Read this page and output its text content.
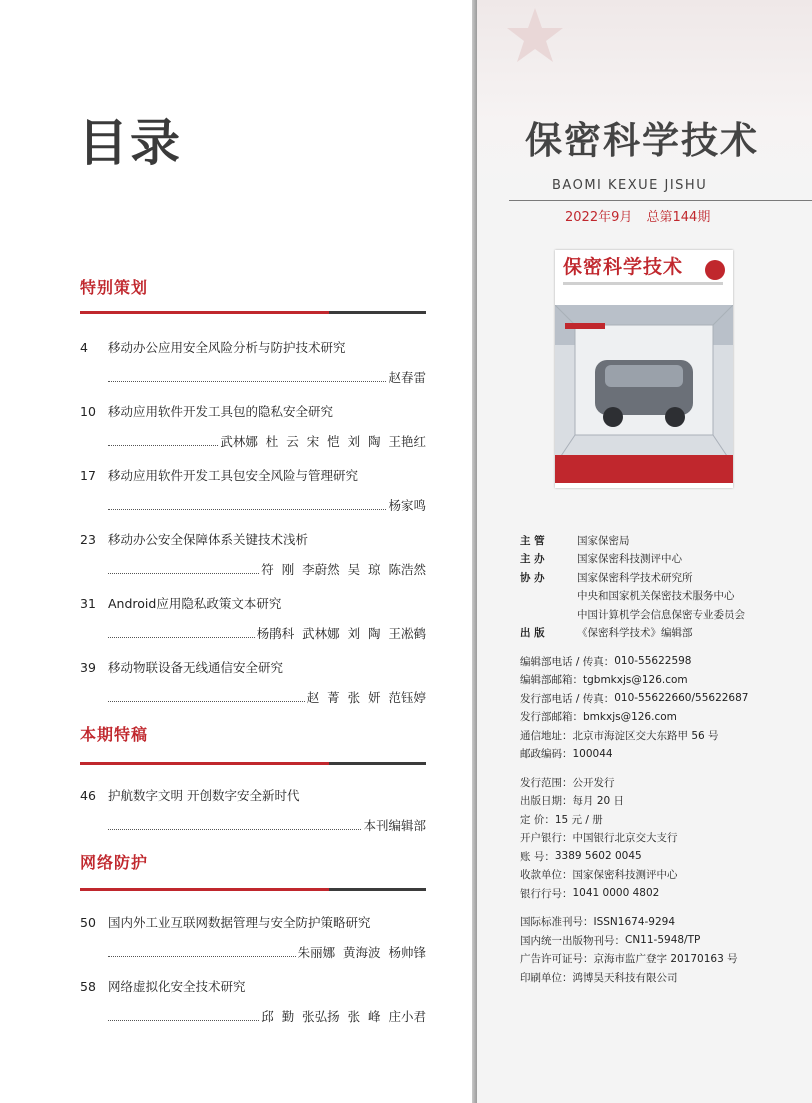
目录
特别策划
4	移动办公应用安全风险分析与防护技术研究
赵春雷
10 移动应用软件开发工具包的隐私安全研究
武林娜  杜  云  宋  恺  刘  陶  王艳红
17 移动应用软件开发工具包安全风险与管理研究
杨家鸣
23 移动办公安全保障体系关键技术浅析
符  刚  李蔚然  吴  琼  陈浩然
31 Android应用隐私政策文本研究
杨鹃科  武林娜  刘  陶  王凇鹤
39 移动物联设备无线通信安全研究
赵  菁  张  妍  范钰婷
本期特稿
46 护航数字文明 开创数字安全新时代
本刊编辑部
网络防护
50 国内外工业互联网数据管理与安全防护策略研究
朱丽娜  黄海波  杨帅锋
58 网络虚拟化安全技术研究
邱  勤  张弘扬  张  峰  庄小君
保密科学技术
BAOMI KEXUE JISHU
2022年9月 总第144期
保密科学技术
主 管	国家保密局
主 办	国家保密科技测评中心
协 办	国家保密科学技术研究所
中央和国家机关保密技术服务中心
中国计算机学会信息保密专业委员会
出 版	《保密科学技术》编辑部
编辑部电话 / 传真： 010-55622598
编辑部邮箱： tgbmkxjs@126.com
发行部电话 / 传真： 010-55622660/55622687
发行部邮箱： bmkxjs@126.com
通信地址： 北京市海淀区交大东路甲 56 号
邮政编码： 100044
发行范围： 公开发行
出版日期： 每月 20 日
定 价： 15 元 / 册
开户银行： 中国银行北京交大支行
账 号： 3389 5602 0045
收款单位： 国家保密科技测评中心
银行行号： 1041 0000 4802
国际标准刊号： ISSN1674-9294
国内统一出版物刊号： CN11-5948/TP
广告许可证号： 京海市监广登字 20170163 号
印刷单位： 鸿博昊天科技有限公司
